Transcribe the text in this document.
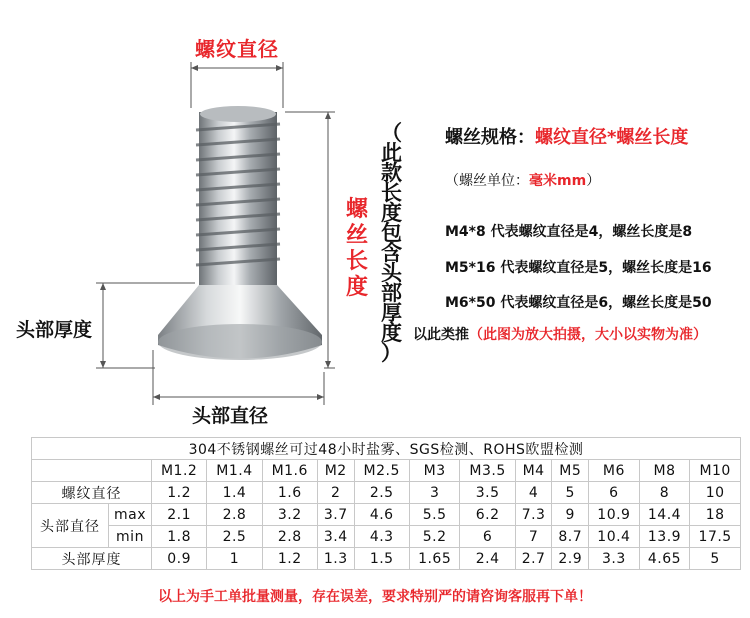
螺纹直径
螺
丝
长
度
（
此
款
长
度
包
含
头
部
厚
度
）
头部厚度
头部直径
螺丝规格：螺纹直径*螺丝长度
（螺丝单位：毫米mm）
M4*8 代表螺纹直径是4，螺丝长度是8
M5*16 代表螺纹直径是5，螺丝长度是16
M6*50 代表螺纹直径是6，螺丝长度是50
以此类推（此图为放大拍摄，大小以实物为准）
304不锈钢螺丝可过48小时盐雾、SGS检测、ROHS欧盟检测													
		M1.2	M1.4	M1.6	M2	M2.5	M3	M3.5	M4	M5	M6	M8	M10
螺纹直径		1.2	1.4	1.6	2	2.5	3	3.5	4	5	6	8	10
头部直径	max	2.1	2.8	3.2	3.7	4.6	5.5	6.2	7.3	9	10.9	14.4	18
	min	1.8	2.5	2.8	3.4	4.3	5.2	6	7	8.7	10.4	13.9	17.5
头部厚度		0.9	1	1.2	1.3	1.5	1.65	2.4	2.7	2.9	3.3	4.65	5
以上为手工单批量测量，存在误差，要求特别严的请咨询客服再下单！
